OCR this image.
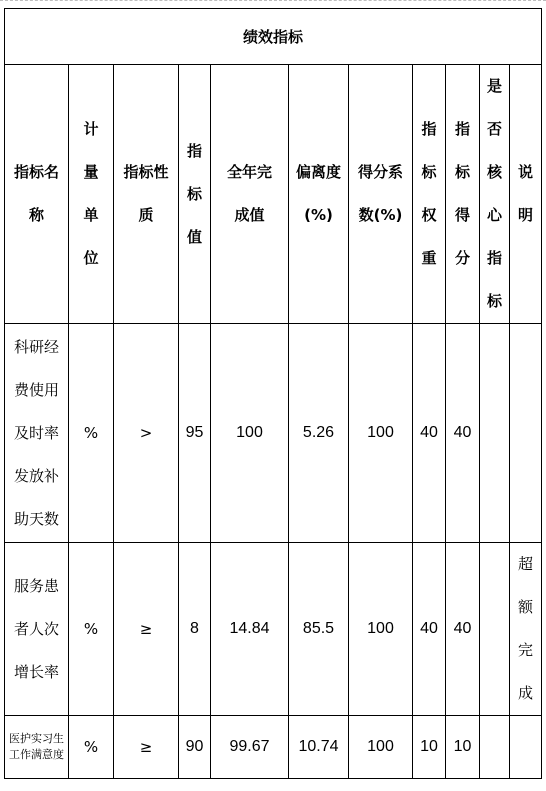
绩效指标										
指标名称	计量单位	指标性质	指标值	全年完成值	偏离度(%)	得分系数(%)	指标权重	指标得分	是否核心指标	说明
科研经费使用及时率发放补助天数	%	>	95	100	5.26	100	40	40		
服务患者人次增长率	%	≥	8	14.84	85.5	100	40	40		超额完成
医护实习生工作满意度	%	≥	90	99.67	10.74	100	10	10		
